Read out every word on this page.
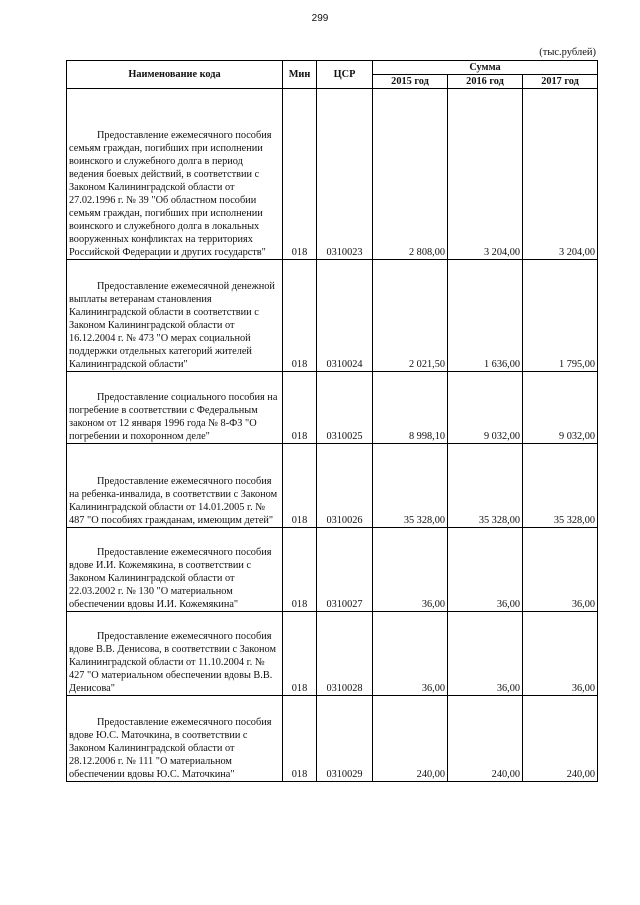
299
(тыс.рублей)
Наименование кода	Мин	ЦСР	Сумма		
			2015 год	2016 год	2017 год

Предоставление ежемесячного пособия семьям граждан, погибших при исполнении воинского и служебного долга в период ведения боевых действий, в соответствии с Законом Калининградской области от 27.02.1996 г. № 39 "Об областном пособии семьям граждан, погибших при исполнении воинского и служебного долга в локальных вооруженных конфликтах на территориях Российской Федерации и других государств"	018	0310023	2 808,00	3 204,00	3 204,00

Предоставление ежемесячной денежной выплаты ветеранам становления Калининградской области в соответствии с Законом Калининградской области от 16.12.2004 г. № 473 "О мерах социальной поддержки отдельных категорий жителей Калининградской области"	018	0310024	2 021,50	1 636,00	1 795,00

Предоставление социального пособия на погребение в соответствии с Федеральным законом от 12 января 1996 года № 8-ФЗ "О погребении и похоронном деле"	018	0310025	8 998,10	9 032,00	9 032,00

Предоставление ежемесячного пособия на ребенка-инвалида, в соответствии с Законом Калининградской области от 14.01.2005 г. № 487 "О пособиях гражданам, имеющим детей"	018	0310026	35 328,00	35 328,00	35 328,00

Предоставление ежемесячного пособия вдове И.И. Кожемякина, в соответствии с Законом Калининградской области от 22.03.2002 г. № 130 "О материальном обеспечении вдовы И.И. Кожемякина"	018	0310027	36,00	36,00	36,00

Предоставление ежемесячного пособия вдове В.В. Денисова, в соответствии с Законом Калининградской области от 11.10.2004 г. № 427 "О материальном обеспечении вдовы В.В. Денисова"	018	0310028	36,00	36,00	36,00

Предоставление ежемесячного пособия вдове Ю.С. Маточкина, в соответствии с Законом Калининградской области от 28.12.2006 г. № 111 "О материальном обеспечении вдовы Ю.С. Маточкина"	018	0310029	240,00	240,00	240,00
